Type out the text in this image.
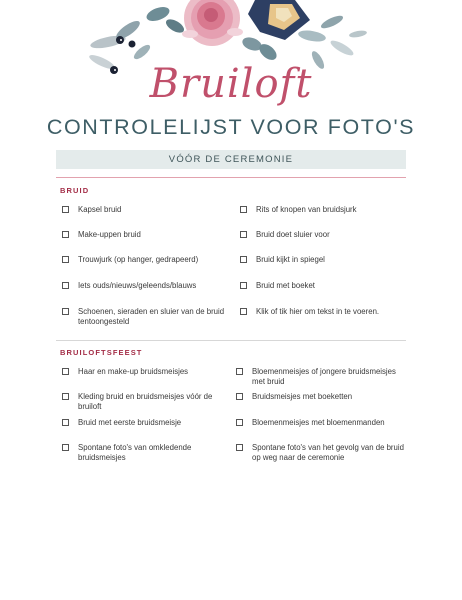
Bruiloft
CONTROLELIJST VOOR FOTO'S
VÓÓR DE CEREMONIE
BRUID
Kapsel bruid
Make-uppen bruid
Trouwjurk (op hanger, gedrapeerd)
Iets ouds/nieuws/geleends/blauws
Schoenen, sieraden en sluier van de bruid tentoongesteld
Rits of knopen van bruidsjurk
Bruid doet sluier voor
Bruid kijkt in spiegel
Bruid met boeket
Klik of tik hier om tekst in te voeren.
BRUILOFTSFEEST
Haar en make-up bruidsmeisjes
Kleding bruid en bruidsmeisjes vóór de bruiloft
Bruid met eerste bruidsmeisje
Spontane foto's van omkledende bruidsmeisjes
Bloemenmeisjes of jongere bruidsmeisjes met bruid
Bruidsmeisjes met boeketten
Bloemenmeisjes met bloemenmanden
Spontane foto's van het gevolg van de bruid op weg naar de ceremonie
